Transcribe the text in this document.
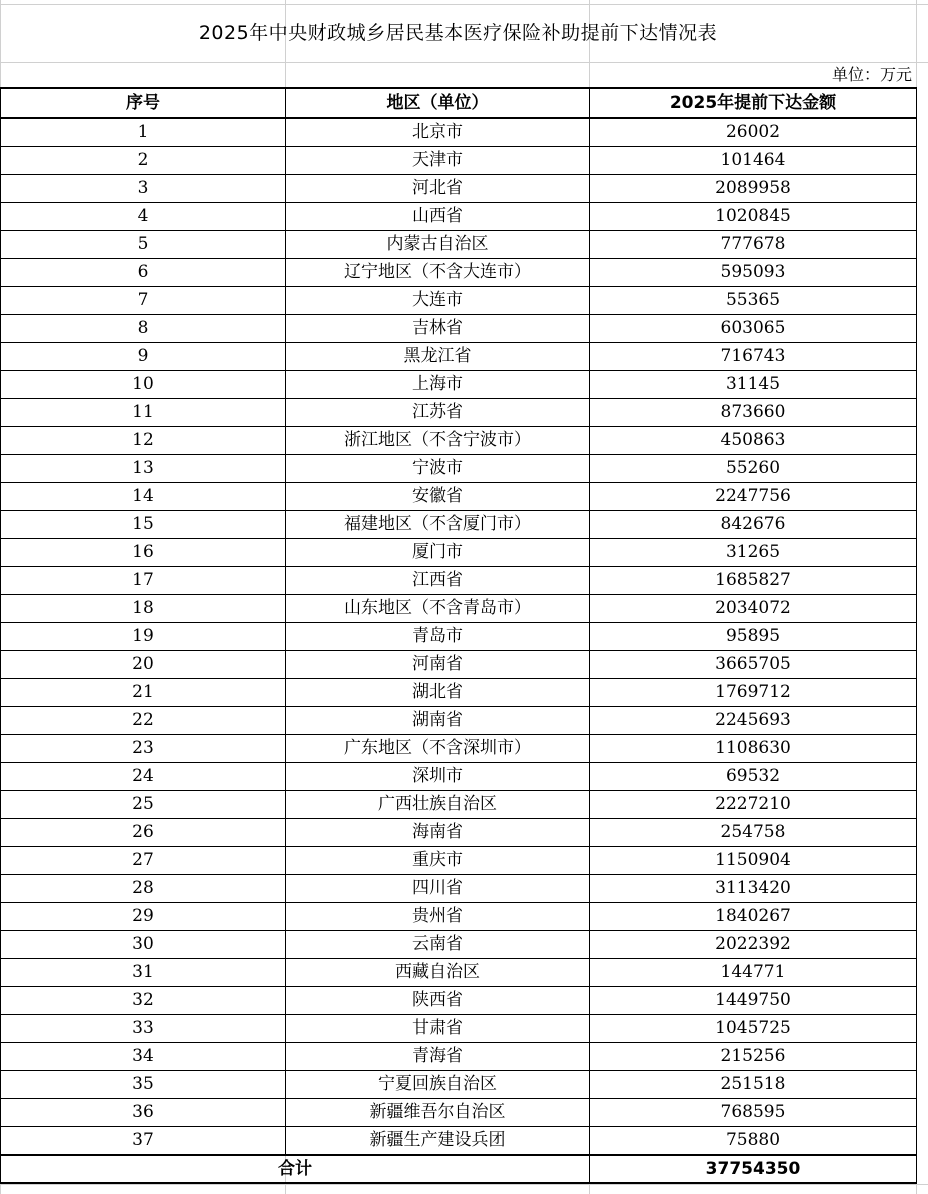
2025年中央财政城乡居民基本医疗保险补助提前下达情况表
单位：万元
序号	地区（单位）	2025年提前下达金额
1	北京市	26002
2	天津市	101464
3	河北省	2089958
4	山西省	1020845
5	内蒙古自治区	777678
6	辽宁地区（不含大连市）	595093
7	大连市	55365
8	吉林省	603065
9	黑龙江省	716743
10	上海市	31145
11	江苏省	873660
12	浙江地区（不含宁波市）	450863
13	宁波市	55260
14	安徽省	2247756
15	福建地区（不含厦门市）	842676
16	厦门市	31265
17	江西省	1685827
18	山东地区（不含青岛市）	2034072
19	青岛市	95895
20	河南省	3665705
21	湖北省	1769712
22	湖南省	2245693
23	广东地区（不含深圳市）	1108630
24	深圳市	69532
25	广西壮族自治区	2227210
26	海南省	254758
27	重庆市	1150904
28	四川省	3113420
29	贵州省	1840267
30	云南省	2022392
31	西藏自治区	144771
32	陕西省	1449750
33	甘肃省	1045725
34	青海省	215256
35	宁夏回族自治区	251518
36	新疆维吾尔自治区	768595
37	新疆生产建设兵团	75880
合计		37754350
